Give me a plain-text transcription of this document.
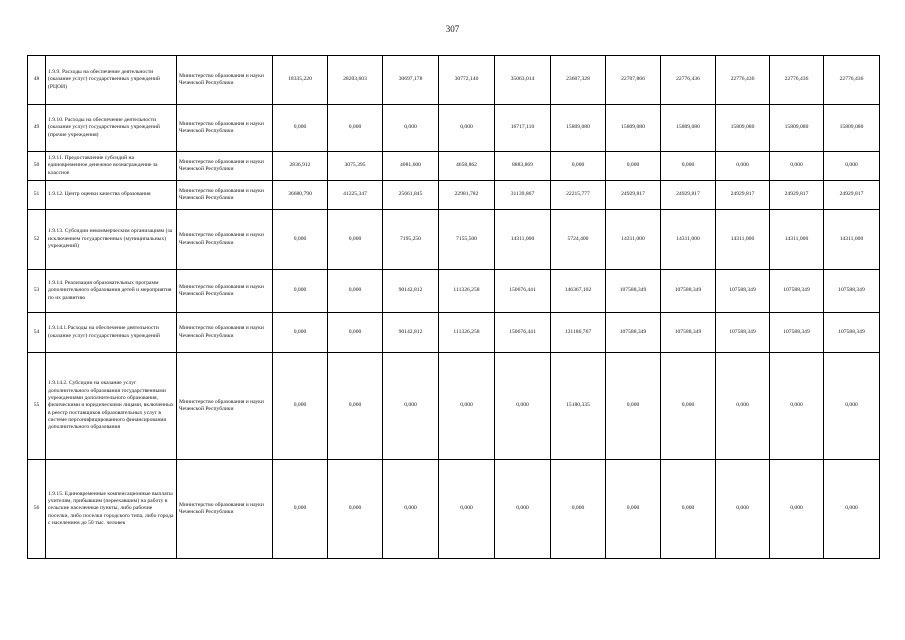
307
48	1.9.9. Расходы на обеспечение деятельности (оказание услуг) государственных учреждений (РЦОИ)	Министерство образования и науки Чеченской Республики	18335,220	28203,603	30697,178	30772,140	35063,014	23607,328	22707,866	22776,436	22776,436	22776,436	22776,436
49	1.9.10. Расходы на обеспечение деятельности (оказание услуг) государственных учреждений (прочие учреждения)	Министерство образования и науки Чеченской Республики	0,000	0,000	0,000	0,000	16717,110	15809,080	15809,080	15809,080	15809,080	15809,080	15809,080
50	1.9.11. Предоставление субсидий на единовременное денежное вознаграждение за классное	Министерство образования и науки Чеченской Республики	2836,912	3075,395	4081,600	4658,862	8883,869	0,000	0,000	0,000	0,000	0,000	0,000
51	1.9.12. Центр оценки качества образования	Министерство образования и науки Чеченской Республики	36680,790	41225,347	25661,845	22981,782	31139,867	22215,777	24929,817	24929,817	24929,817	24929,817	24929,817
52	1.9.13. Субсидии некоммерческим организациям (за исключением государственных (муниципальных) учреждений)	Министерство образования и науки Чеченской Республики	0,000	0,000	7195,250	7155,500	14311,000	5724,400	14311,000	14311,000	14311,000	14311,000	14311,000
53	1.9.14. Реализация образовательных программ дополнительного образования детей и мероприятия по их развитию	Министерство образования и науки Чеченской Республики	0,000	0,000	90142,812	111326,258	150676,441	146367,102	107588,349	107588,349	107588,349	107588,349	107588,349
54	1.9.14.1.Расходы на обеспечение деятельности (оказание услуг) государственных учреждений	Министерство образования и науки Чеченской Республики	0,000	0,000	90142,812	111326,258	150676,441	131186,767	107588,349	107588,349	107588,349	107588,349	107588,349
55	1.9.14.2. Субсидии на оказание услуг дополнительного образования государственными учреждениями дополнительного образования, физическими и юридическими лицами, включенных в реестр поставщиков образовательных услуг в системе персонифицированного финансирования дополнительного образования	Министерство образования и науки Чеченской Республики	0,000	0,000	0,000	0,000	0,000	15180,335	0,000	0,000	0,000	0,000	0,000
56	1.9.15. Единовременные компенсационные выплаты учителям, прибывшим (переехавшим) на работу в сельские населенные пункты, либо рабочие поселки, либо поселки городского типа, либо города с населением до 50 тыс. человек	Министерство образования и науки Чеченской Республики	0,000	0,000	0,000	0,000	0,000	0,000	0,000	0,000	0,000	0,000	0,000
